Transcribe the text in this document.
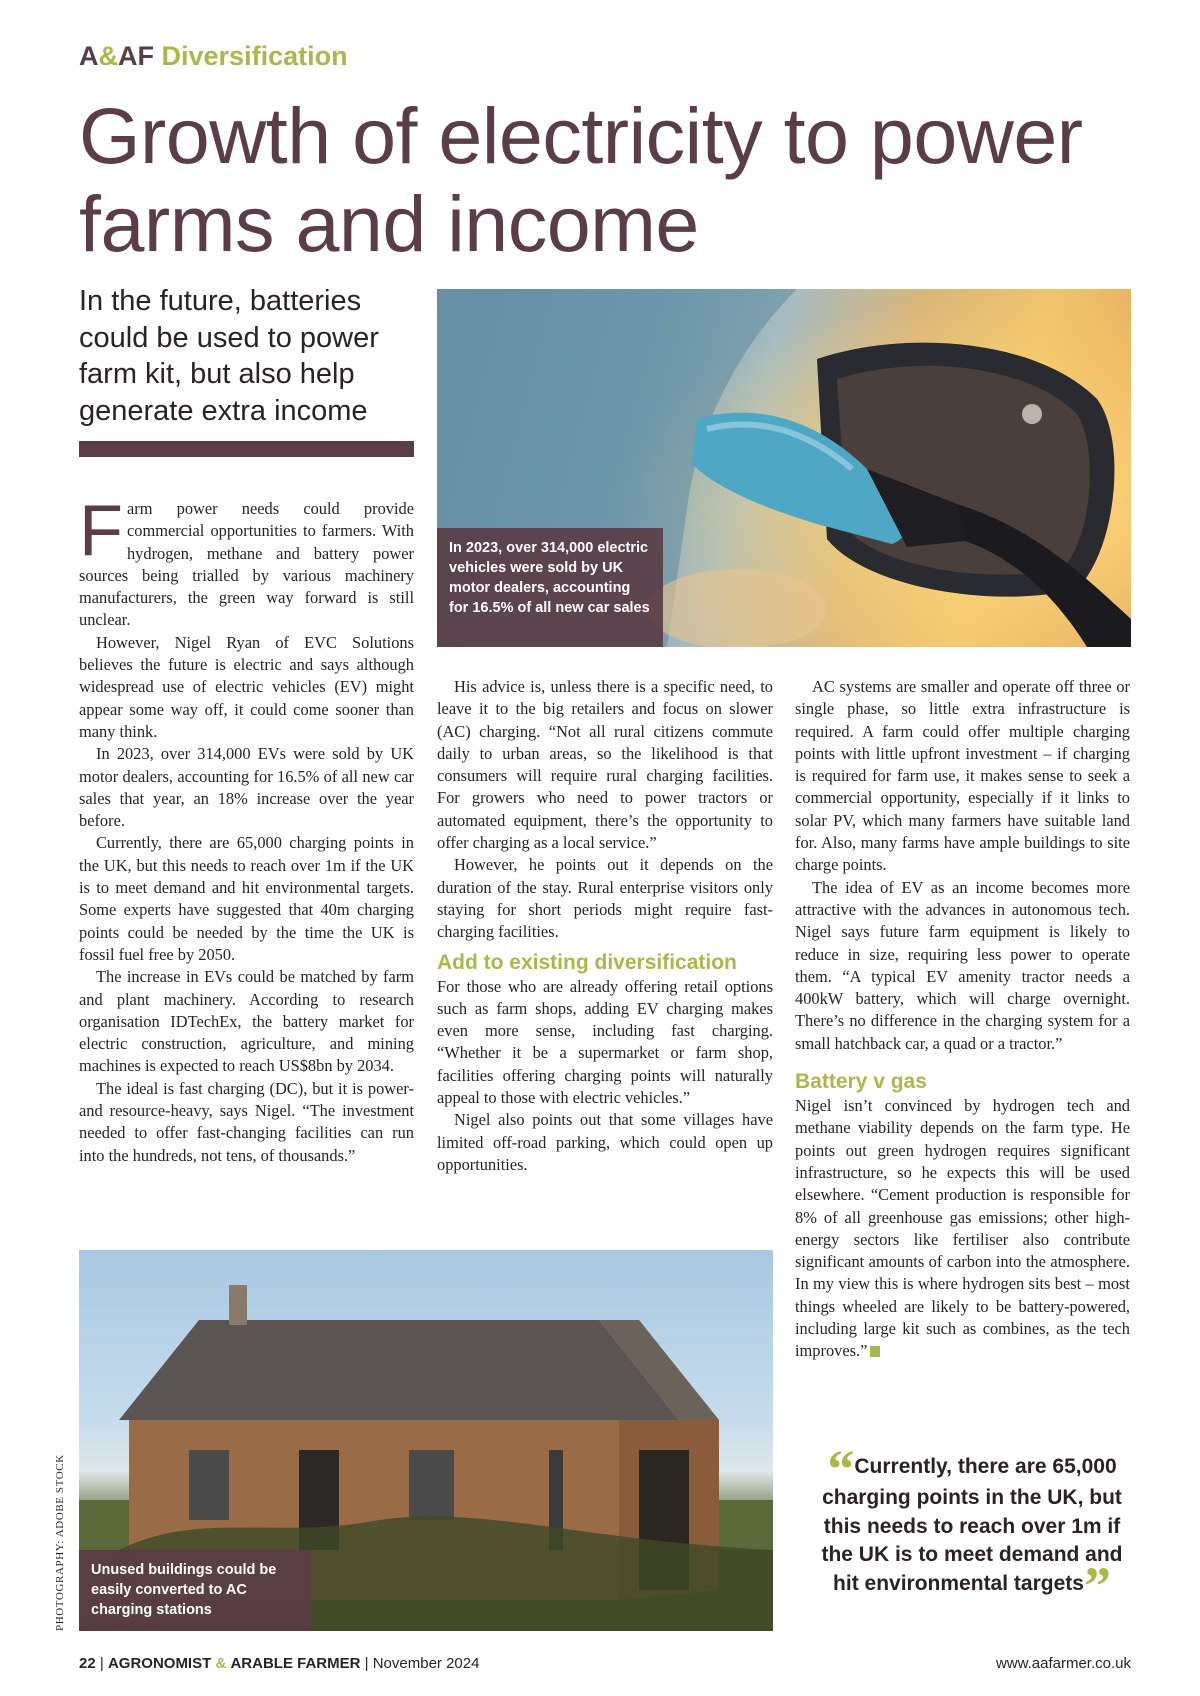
A&AF Diversification
Growth of electricity to power farms and income
In the future, batteries could be used to power farm kit, but also help generate extra income
In 2023, over 314,000 electric vehicles were sold by UK motor dealers, accounting for 16.5% of all new car sales
F arm power needs could provide commercial opportunities to farmers. With hydrogen, methane and battery power sources being trialled by various machinery manufacturers, the green way forward is still unclear.

However, Nigel Ryan of EVC Solutions believes the future is electric and says although widespread use of electric vehicles (EV) might appear some way off, it could come sooner than many think.

In 2023, over 314,000 EVs were sold by UK motor dealers, accounting for 16.5% of all new car sales that year, an 18% increase over the year before.

Currently, there are 65,000 charging points in the UK, but this needs to reach over 1m if the UK is to meet demand and hit environmental targets. Some experts have suggested that 40m charging points could be needed by the time the UK is fossil fuel free by 2050.

The increase in EVs could be matched by farm and plant machinery. According to research organisation IDTechEx, the battery market for electric construction, agriculture, and mining machines is expected to reach US$8bn by 2034.

The ideal is fast charging (DC), but it is power- and resource-heavy, says Nigel. “The investment needed to offer fast-changing facilities can run into the hundreds, not tens, of thousands.”

His advice is, unless there is a specific need, to leave it to the big retailers and focus on slower (AC) charging. “Not all rural citizens commute daily to urban areas, so the likelihood is that consumers will require rural charging facilities. For growers who need to power tractors or automated equipment, there’s the opportunity to offer charging as a local service.”

However, he points out it depends on the duration of the stay. Rural enterprise visitors only staying for short periods might require fast-charging facilities.

Add to existing diversification

For those who are already offering retail options such as farm shops, adding EV charging makes even more sense, including fast charging. “Whether it be a supermarket or farm shop, facilities offering charging points will naturally appeal to those with electric vehicles.”

Nigel also points out that some villages have limited off-road parking, which could open up opportunities.

AC systems are smaller and operate off three or single phase, so little extra infrastructure is required. A farm could offer multiple charging points with little upfront investment – if charging is required for farm use, it makes sense to seek a commercial opportunity, especially if it links to solar PV, which many farmers have suitable land for. Also, many farms have ample buildings to site charge points.

The idea of EV as an income becomes more attractive with the advances in autonomous tech. Nigel says future farm equipment is likely to reduce in size, requiring less power to operate them. “A typical EV amenity tractor needs a 400kW battery, which will charge overnight. There’s no difference in the charging system for a small hatchback car, a quad or a tractor.”

Battery v gas

Nigel isn’t convinced by hydrogen tech and methane viability depends on the farm type. He points out green hydrogen requires significant infrastructure, so he expects this will be used elsewhere. “Cement production is responsible for 8% of all greenhouse gas emissions; other high-energy sectors like fertiliser also contribute significant amounts of carbon into the atmosphere. In my view this is where hydrogen sits best – most things wheeled are likely to be battery-powered, including large kit such as combines, as the tech improves.”

Unused buildings could be easily converted to AC charging stations
PHOTOGRAPHY: ADOBE STOCK	“Currently, there are 65,000 charging points in the UK, but this needs to reach over 1m if the UK is to meet demand and hit environmental targets”
22 | AGRONOMIST & ARABLE FARMER | November 2024	www.aafarmer.co.uk
